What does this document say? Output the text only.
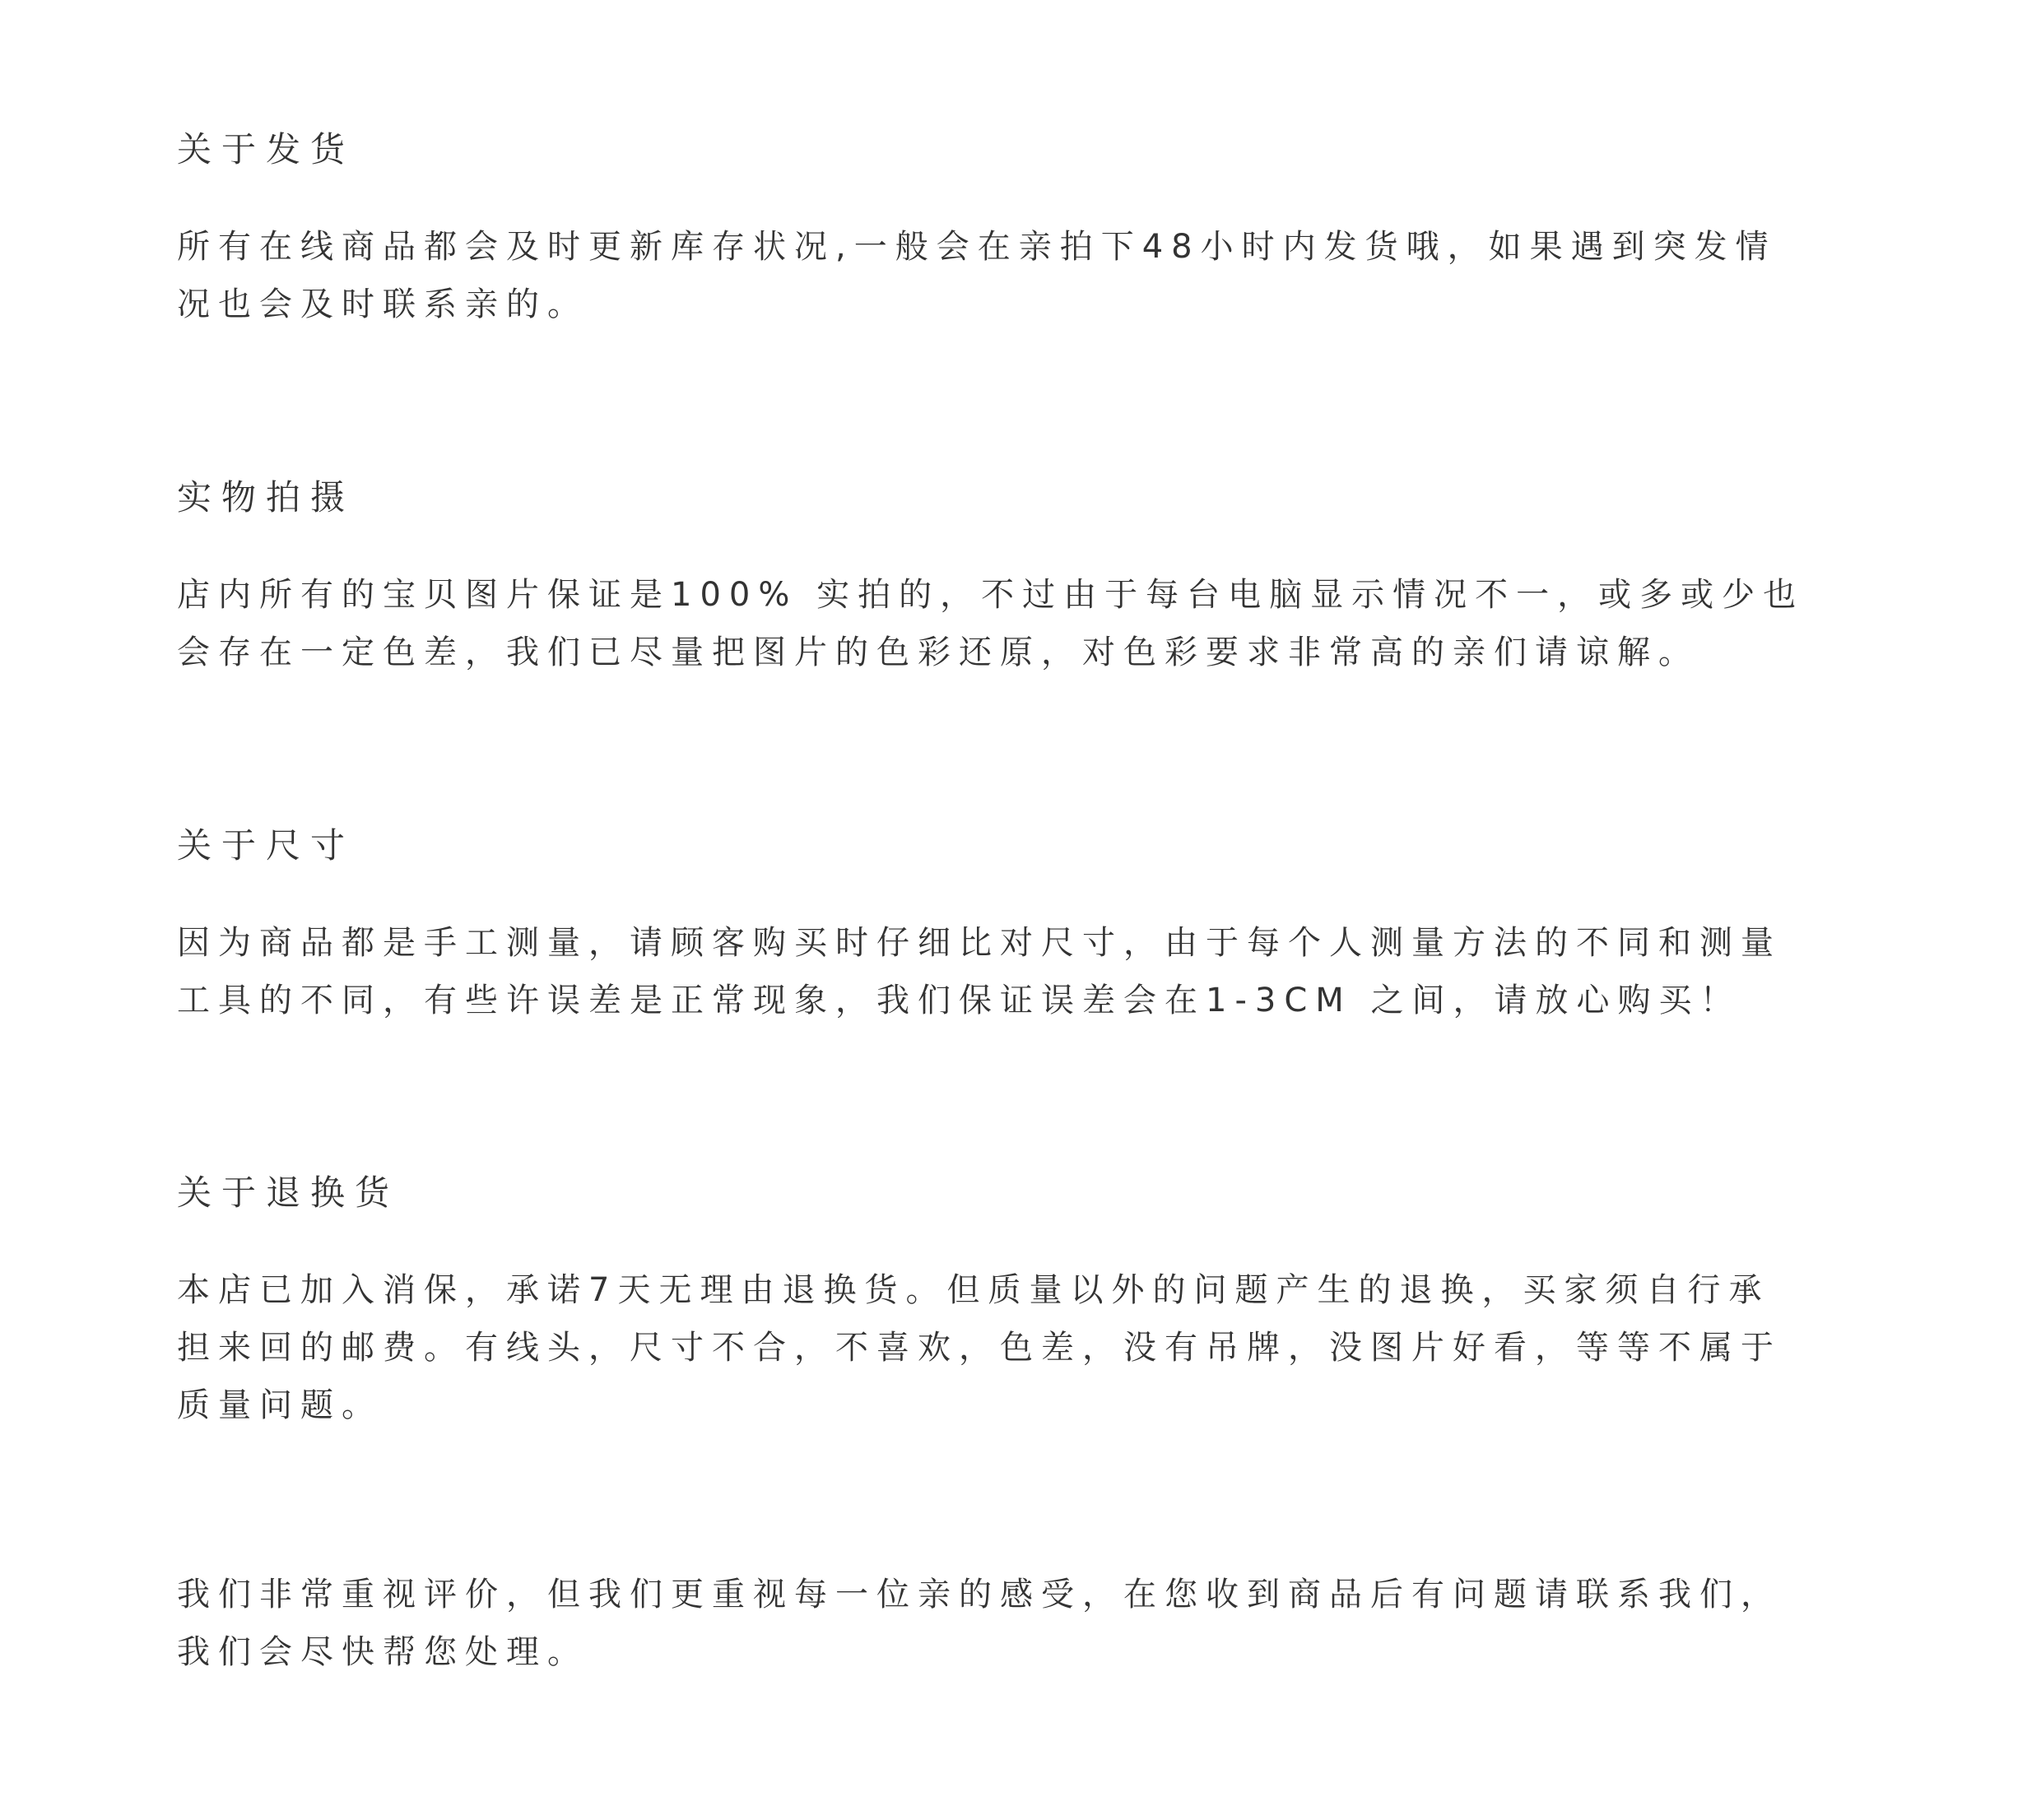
关于发货

所有在线商品都会及时更新库存状况,一般会在亲拍下48小时内发货哦，如果遇到突发情
况也会及时联系亲的。

实物拍摄

店内所有的宝贝图片保证是100% 实拍的，不过由于每台电脑显示情况不一，或多或少也
会存在一定色差，我们已尽量把图片的色彩还原，对色彩要求非常高的亲们请谅解。

关于尺寸

因为商品都是手工测量，请顾客购买时仔细比对尺寸，由于每个人测量方法的不同和测量
工具的不同，有些许误差是正常现象，我们保证误差会在1-3CM 之间，请放心购买！

关于退换货

本店已加入消保，承诺7天无理由退换货。但质量以外的问题产生的退换，买家须自行承
担来回的邮费。有线头，尺寸不合，不喜欢，色差，没有吊牌，没图片好看，等等不属于
质量问题。

我们非常重视评价，但我们更重视每一位亲的感受，在您收到商品后有问题请联系我们，
我们会尽快帮您处理。
